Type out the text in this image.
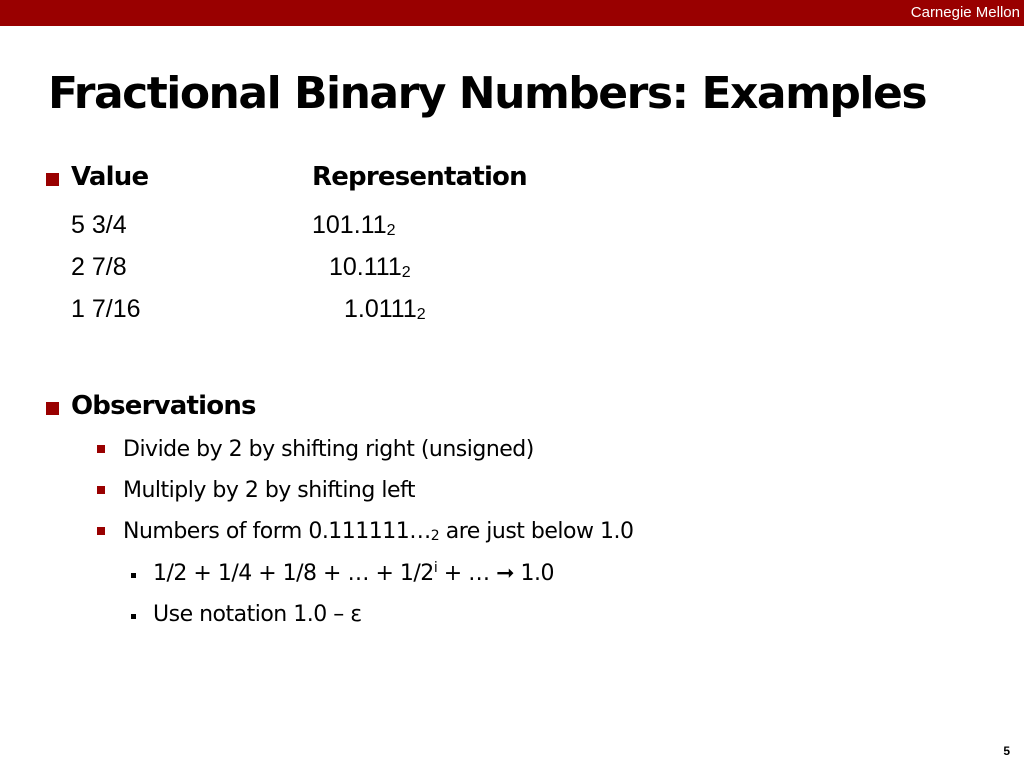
Carnegie Mellon
Fractional Binary Numbers: Examples
Value	Representation
5 3/4	$101.11_2$
2 7/8	$10.111_2$
1 7/16	$1.0111_2$
Observations
Divide by 2 by shifting right (unsigned)
Multiply by 2 by shifting left
Numbers of form $0.111111\dots_2$ are just below 1.0
1/2 + 1/4 + 1/8 + … + $1/2^i$ + … ➞ 1.0
Use notation 1.0 – ε
5
